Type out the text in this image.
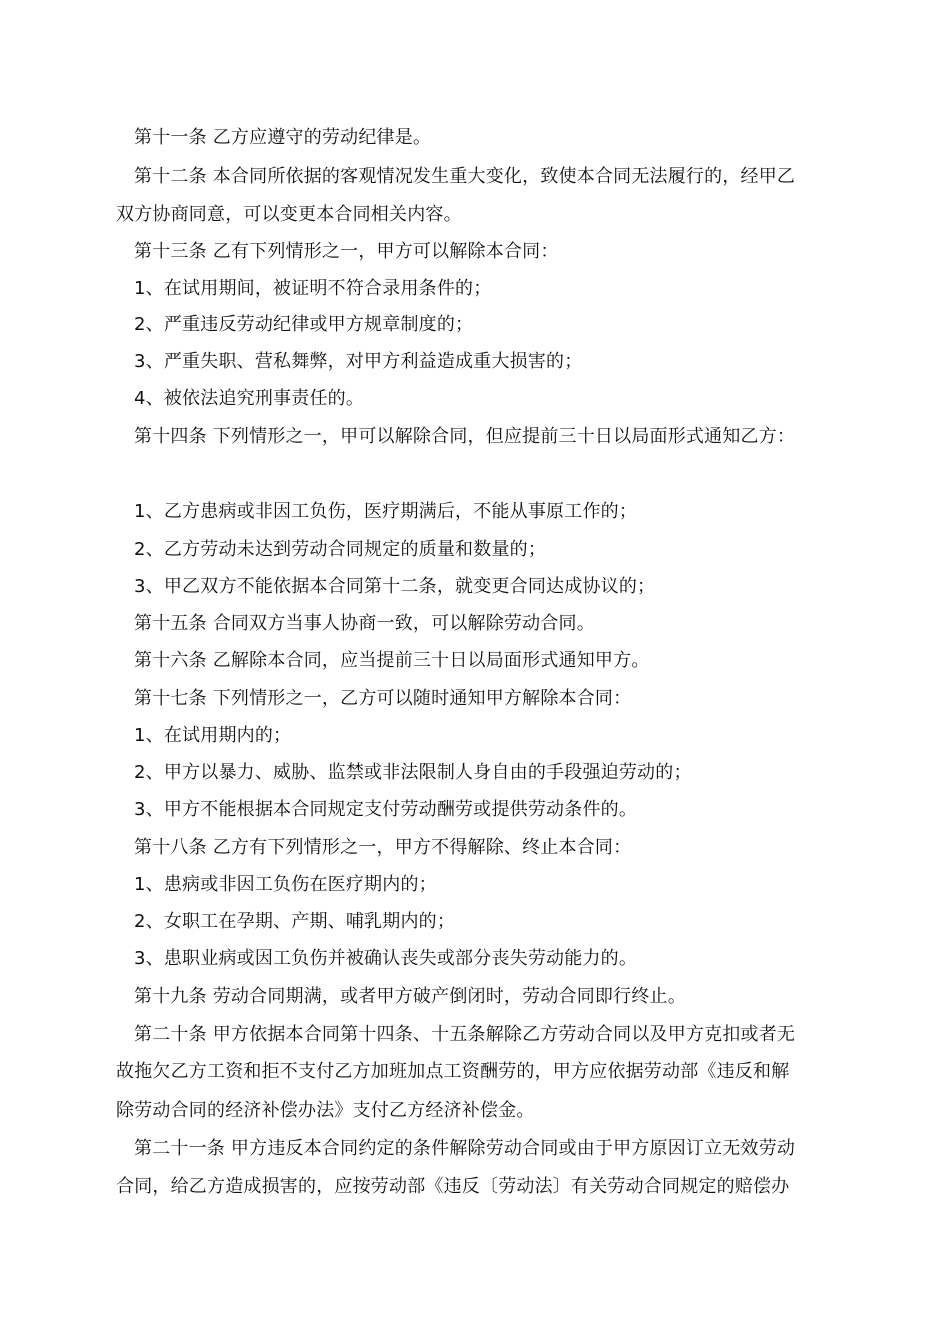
第十一条 乙方应遵守的劳动纪律是。
第十二条 本合同所依据的客观情况发生重大变化，致使本合同无法履行的，经甲乙
双方协商同意，可以变更本合同相关内容。
第十三条 乙有下列情形之一，甲方可以解除本合同：
1、在试用期间，被证明不符合录用条件的；
2、严重违反劳动纪律或甲方规章制度的；
3、严重失职、营私舞弊，对甲方利益造成重大损害的；
4、被依法追究刑事责任的。
第十四条 下列情形之一，甲可以解除合同，但应提前三十日以局面形式通知乙方：
1、乙方患病或非因工负伤，医疗期满后，不能从事原工作的；
2、乙方劳动未达到劳动合同规定的质量和数量的；
3、甲乙双方不能依据本合同第十二条，就变更合同达成协议的；
第十五条 合同双方当事人协商一致，可以解除劳动合同。
第十六条 乙解除本合同，应当提前三十日以局面形式通知甲方。
第十七条 下列情形之一，乙方可以随时通知甲方解除本合同：
1、在试用期内的；
2、甲方以暴力、威胁、监禁或非法限制人身自由的手段强迫劳动的；
3、甲方不能根据本合同规定支付劳动酬劳或提供劳动条件的。
第十八条 乙方有下列情形之一，甲方不得解除、终止本合同：
1、患病或非因工负伤在医疗期内的；
2、女职工在孕期、产期、哺乳期内的；
3、患职业病或因工负伤并被确认丧失或部分丧失劳动能力的。
第十九条 劳动合同期满，或者甲方破产倒闭时，劳动合同即行终止。
第二十条 甲方依据本合同第十四条、十五条解除乙方劳动合同以及甲方克扣或者无
故拖欠乙方工资和拒不支付乙方加班加点工资酬劳的，甲方应依据劳动部《违反和解
除劳动合同的经济补偿办法》支付乙方经济补偿金。
第二十一条 甲方违反本合同约定的条件解除劳动合同或由于甲方原因订立无效劳动
合同，给乙方造成损害的，应按劳动部《违反〔劳动法〕有关劳动合同规定的赔偿办
